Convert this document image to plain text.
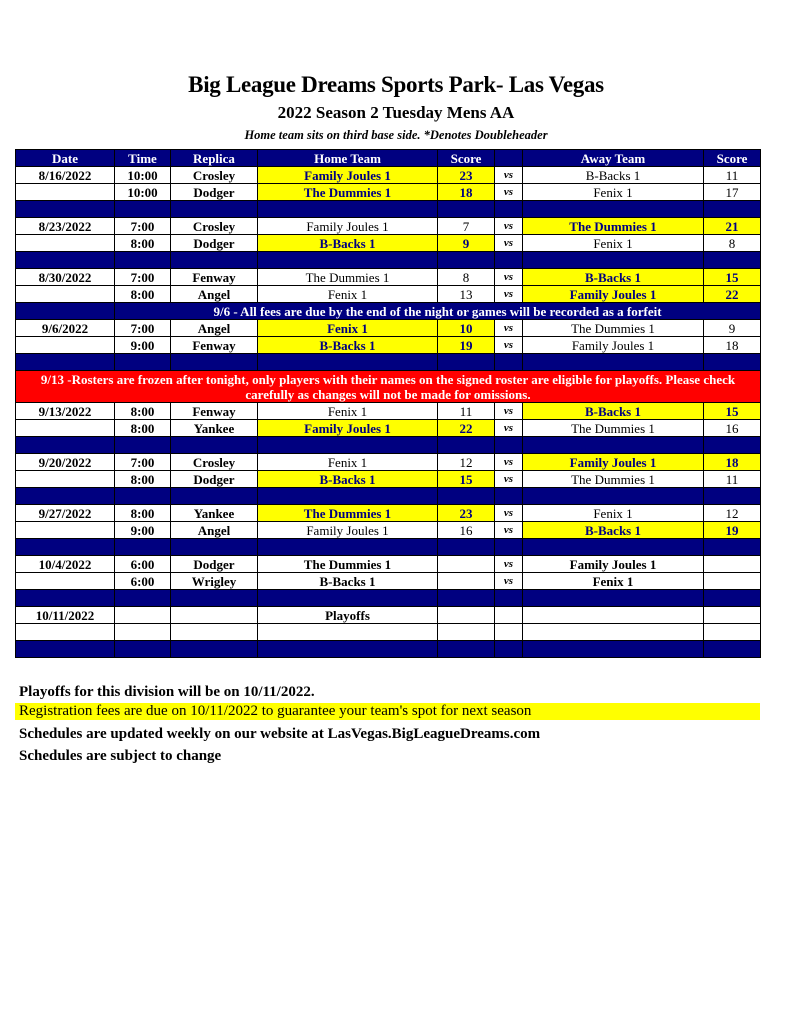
Big League Dreams Sports Park- Las Vegas
2022 Season 2 Tuesday Mens AA
Home team sits on third base side. *Denotes Doubleheader
Date	Time	Replica	Home Team	Score		Away Team	Score
8/16/2022	10:00	Crosley	Family Joules 1	23	vs	B-Backs 1	11
	10:00	Dodger	The Dummies 1	18	vs	Fenix 1	17

8/23/2022	7:00	Crosley	Family Joules 1	7	vs	The Dummies 1	21
	8:00	Dodger	B-Backs 1	9	vs	Fenix 1	8

8/30/2022	7:00	Fenway	The Dummies 1	8	vs	B-Backs 1	15
	8:00	Angel	Fenix 1	13	vs	Family Joules 1	22
	9/6 - All fees are due by the end of the night or games will be recorded as a forfeit						
9/6/2022	7:00	Angel	Fenix 1	10	vs	The Dummies 1	9
	9:00	Fenway	B-Backs 1	19	vs	Family Joules 1	18

9/13 -Rosters are frozen after tonight, only players with their names on the signed roster are eligible for playoffs. Please check carefully as changes will not be made for omissions.							
9/13/2022	8:00	Fenway	Fenix 1	11	vs	B-Backs 1	15
	8:00	Yankee	Family Joules 1	22	vs	The Dummies 1	16

9/20/2022	7:00	Crosley	Fenix 1	12	vs	Family Joules 1	18
	8:00	Dodger	B-Backs 1	15	vs	The Dummies 1	11

9/27/2022	8:00	Yankee	The Dummies 1	23	vs	Fenix 1	12
	9:00	Angel	Family Joules 1	16	vs	B-Backs 1	19

10/4/2022	6:00	Dodger	The Dummies 1		vs	Family Joules 1	
	6:00	Wrigley	B-Backs 1		vs	Fenix 1	

10/11/2022			Playoffs				

Playoffs for this division will be on 10/11/2022.
Registration fees are due on 10/11/2022 to guarantee your team's spot for next season
Schedules are updated weekly on our website at LasVegas.BigLeagueDreams.com
Schedules are subject to change
